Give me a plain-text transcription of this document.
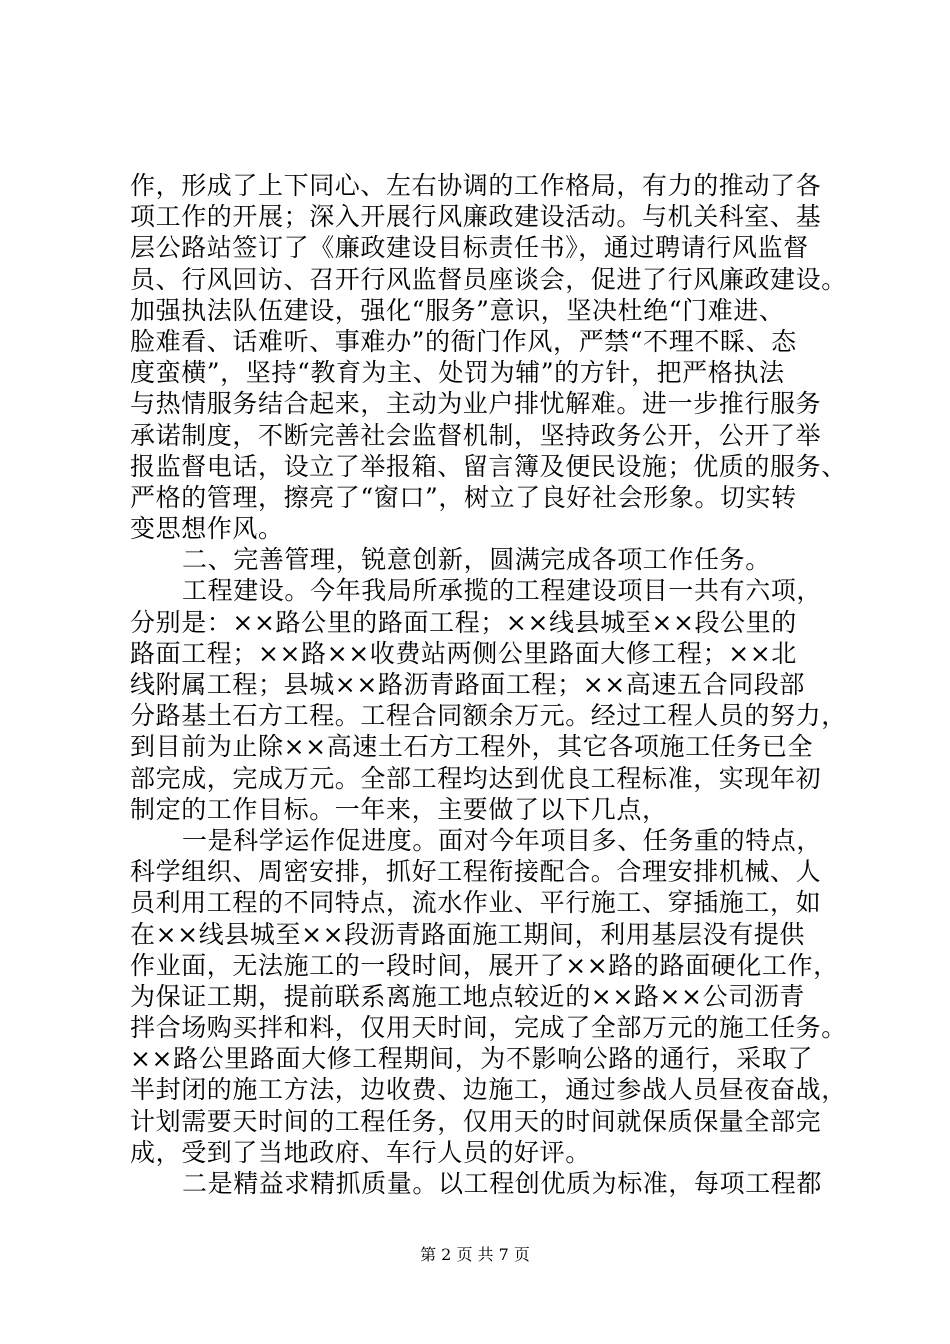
作，形成了上下同心、左右协调的工作格局，有力的推动了各
项工作的开展；深入开展行风廉政建设活动。与机关科室、基
层公路站签订了《廉政建设目标责任书》，通过聘请行风监督
员、行风回访、召开行风监督员座谈会，促进了行风廉政建设。
加强执法队伍建设，强化“服务”意识，坚决杜绝“门难进、
脸难看、话难听、事难办”的衙门作风，严禁“不理不睬、态
度蛮横”，坚持“教育为主、处罚为辅”的方针，把严格执法
与热情服务结合起来，主动为业户排忧解难。进一步推行服务
承诺制度，不断完善社会监督机制，坚持政务公开，公开了举
报监督电话，设立了举报箱、留言簿及便民设施；优质的服务、
严格的管理，擦亮了“窗口”，树立了良好社会形象。切实转
变思想作风。
二、完善管理，锐意创新，圆满完成各项工作任务。
工程建设。今年我局所承揽的工程建设项目一共有六项，
分别是：××路公里的路面工程；××线县城至××段公里的
路面工程；××路××收费站两侧公里路面大修工程；××北
线附属工程；县城××路沥青路面工程；××高速五合同段部
分路基土石方工程。工程合同额余万元。经过工程人员的努力，
到目前为止除××高速土石方工程外，其它各项施工任务已全
部完成，完成万元。全部工程均达到优良工程标准，实现年初
制定的工作目标。一年来，主要做了以下几点，
一是科学运作促进度。面对今年项目多、任务重的特点，
科学组织、周密安排，抓好工程衔接配合。合理安排机械、人
员利用工程的不同特点，流水作业、平行施工、穿插施工，如
在××线县城至××段沥青路面施工期间，利用基层没有提供
作业面，无法施工的一段时间，展开了××路的路面硬化工作，
为保证工期，提前联系离施工地点较近的××路××公司沥青
拌合场购买拌和料，仅用天时间，完成了全部万元的施工任务。
××路公里路面大修工程期间，为不影响公路的通行，采取了
半封闭的施工方法，边收费、边施工，通过参战人员昼夜奋战，
计划需要天时间的工程任务，仅用天的时间就保质保量全部完
成，受到了当地政府、车行人员的好评。
二是精益求精抓质量。以工程创优质为标准，每项工程都
第 2 页 共 7 页
